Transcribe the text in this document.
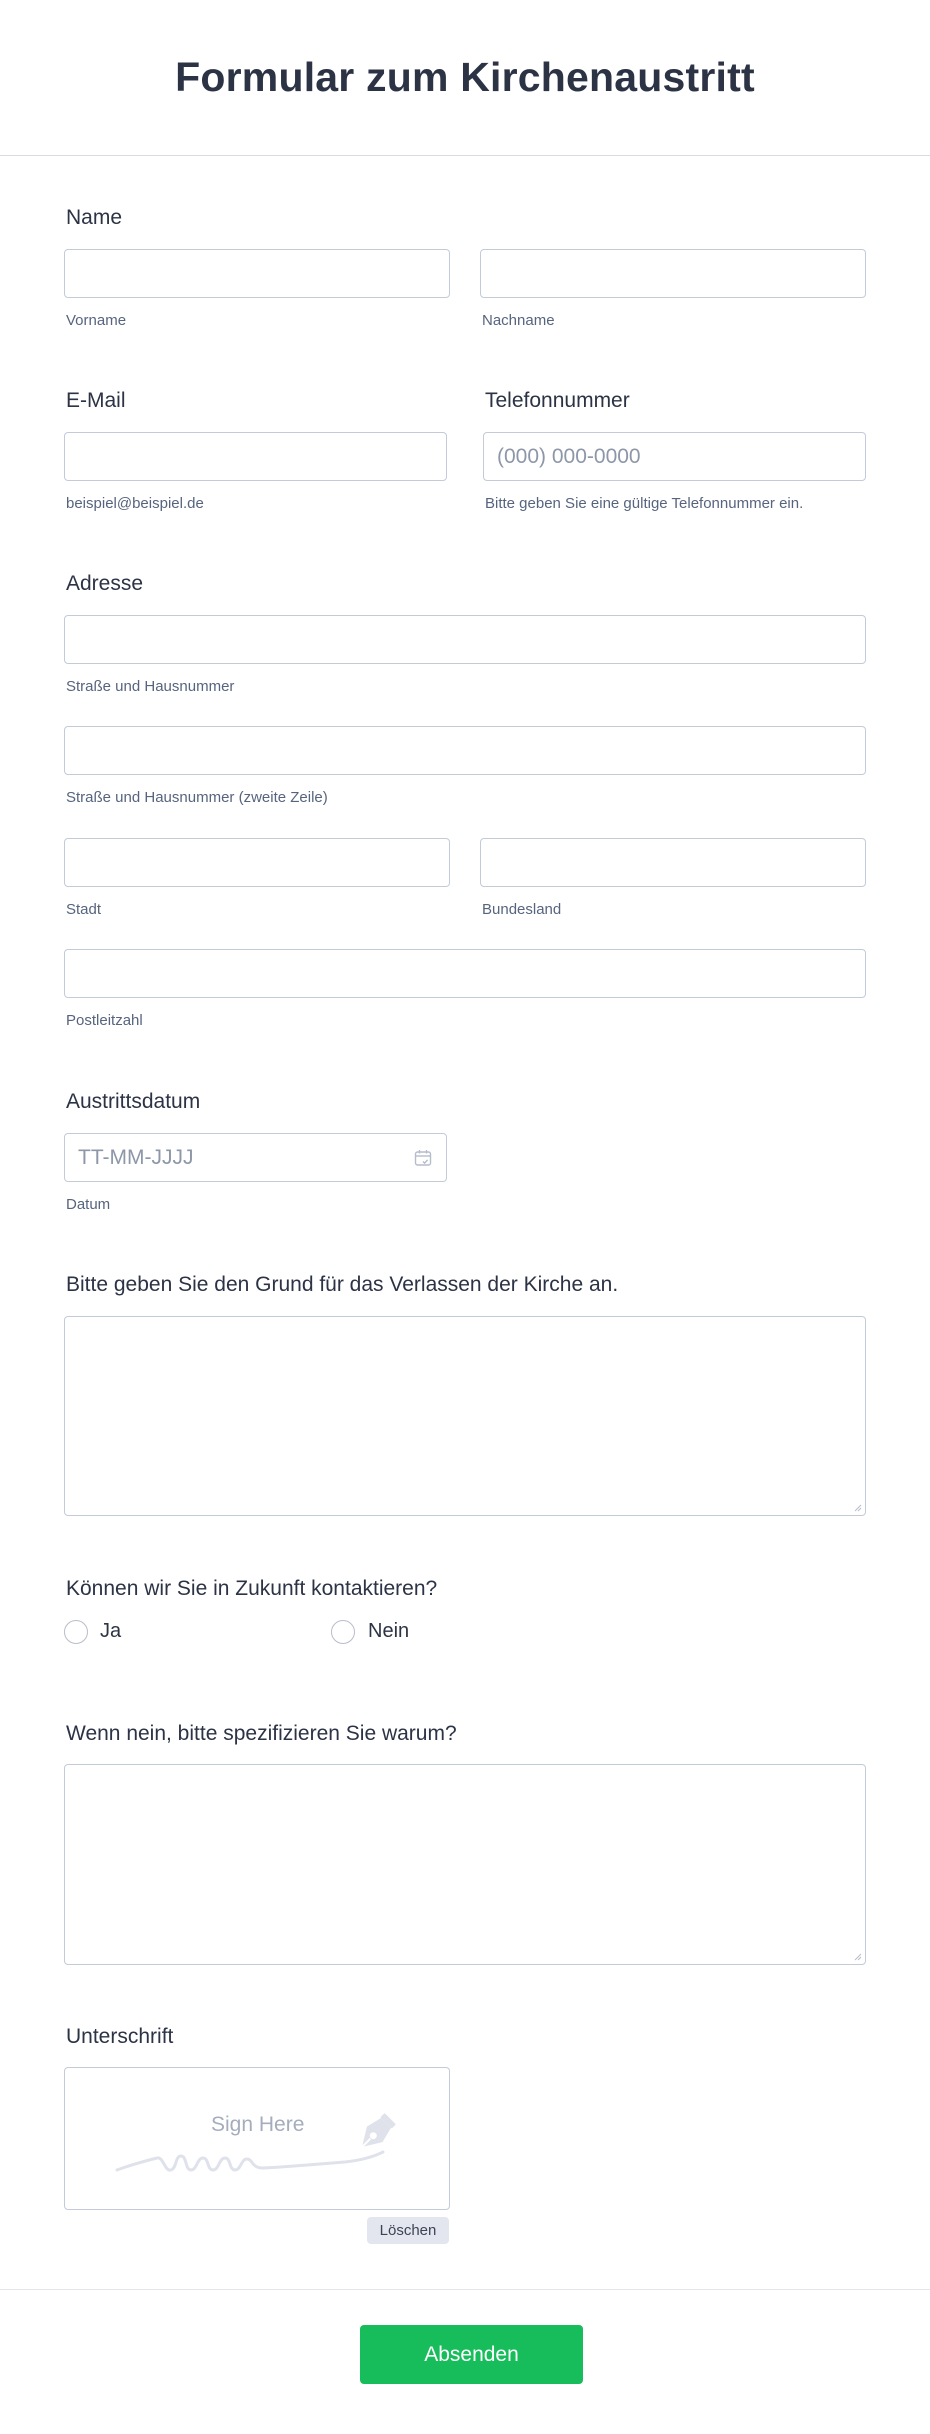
Formular zum Kirchenaustritt
Name
Vorname	Nachname
E-Mail
beispiel@beispiel.de
Telefonnummer
(000) 000-0000
Bitte geben Sie eine gültige Telefonnummer ein.
Adresse
Straße und Hausnummer
Straße und Hausnummer (zweite Zeile)
Stadt	Bundesland
Postleitzahl
Austrittsdatum
TT-MM-JJJJ
Datum
Bitte geben Sie den Grund für das Verlassen der Kirche an.
Können wir Sie in Zukunft kontaktieren?
Ja	Nein
Wenn nein, bitte spezifizieren Sie warum?
Unterschrift
Sign Here
Löschen
Absenden
